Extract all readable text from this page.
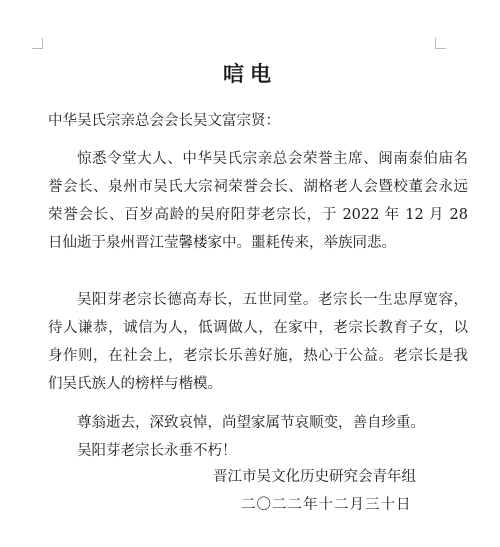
唁电
中华吴氏宗亲总会会长吴文富宗贤：

惊悉令堂大人、中华吴氏宗亲总会荣誉主席、闽南泰伯庙名誉会长、泉州市吴氏大宗祠荣誉会长、湖格老人会暨校董会永远荣誉会长、百岁高龄的吴府阳芽老宗长，于 2022 年 12 月 28 日仙逝于泉州晋江莹馨楼家中。噩耗传来，举族同悲。

吴阳芽老宗长德高寿长，五世同堂。老宗长一生忠厚宽容，待人谦恭，诚信为人，低调做人，在家中，老宗长教育子女，以身作则，在社会上，老宗长乐善好施，热心于公益。老宗长是我们吴氏族人的榜样与楷模。

尊翁逝去，深致哀悼，尚望家属节哀顺变，善自珍重。
吴阳芽老宗长永垂不朽！
晋江市吴文化历史研究会青年组
二〇二二年十二月三十日
